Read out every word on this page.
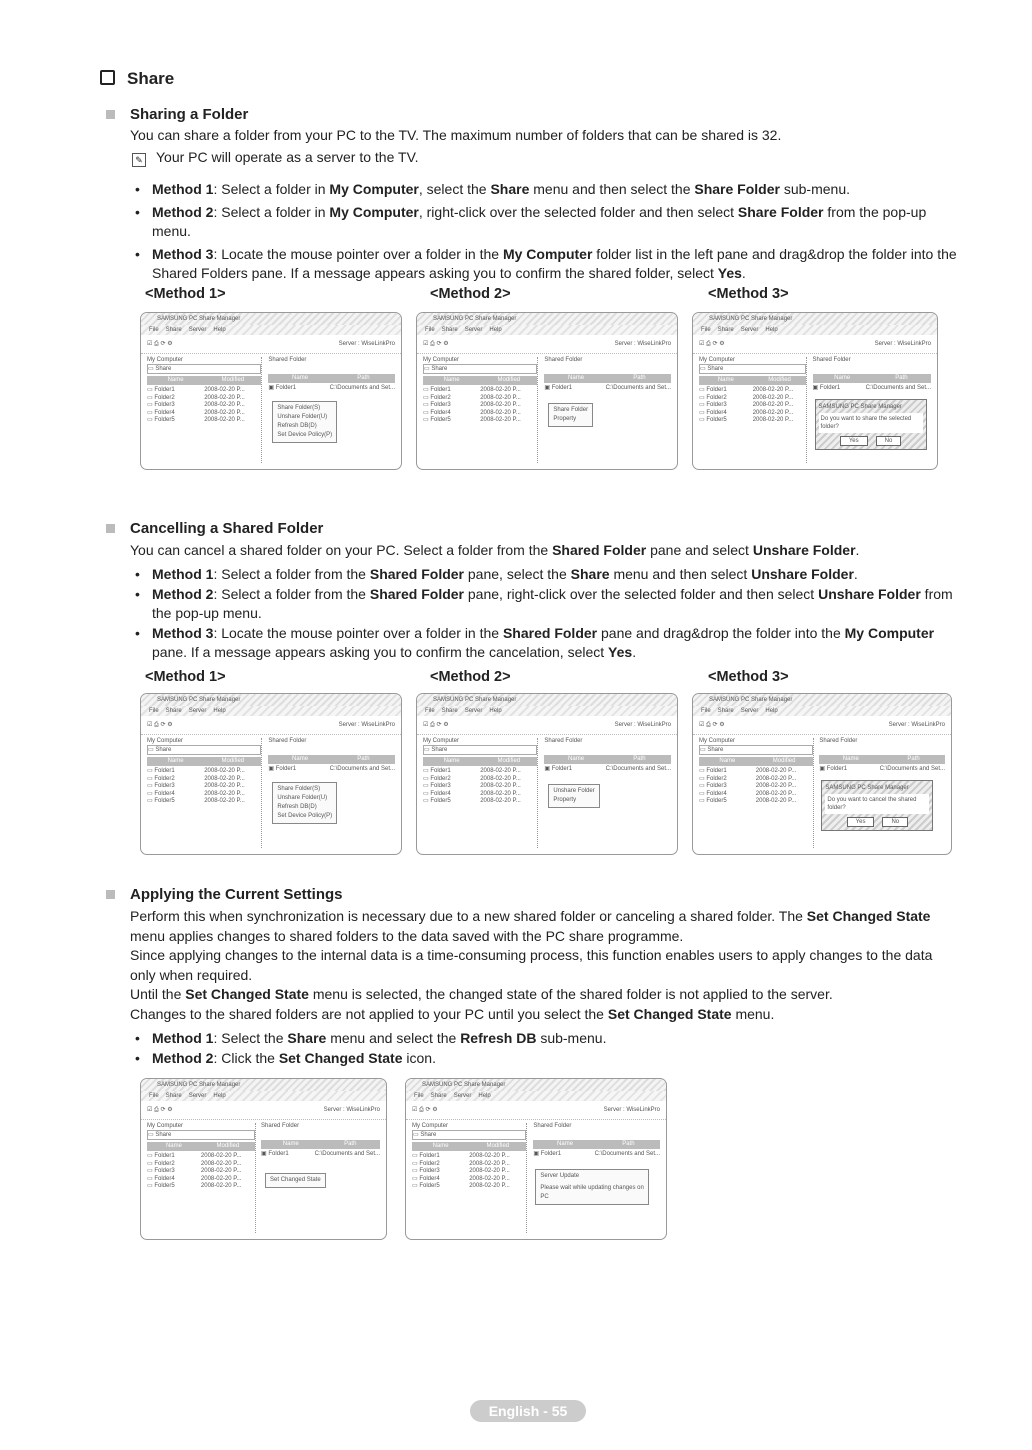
Share
Sharing a Folder
You can share a folder from your PC to the TV. The maximum number of folders that can be shared is 32.
✎ Your PC will operate as a server to the TV.
• Method 1: Select a folder in My Computer, select the Share menu and then select the Share Folder sub-menu.
• Method 2: Select a folder in My Computer, right-click over the selected folder and then select Share Folder from the pop-up menu.
• Method 3: Locate the mouse pointer over a folder in the My Computer folder list in the left pane and drag&drop the folder into the Shared Folders pane. If a message appears asking you to confirm the shared folder, select Yes.
Cancelling a Shared Folder
You can cancel a shared folder on your PC. Select a folder from the Shared Folder pane and select Unshare Folder.
• Method 1: Select a folder from the Shared Folder pane, select the Share menu and then select Unshare Folder.
• Method 2: Select a folder from the Shared Folder pane, right-click over the selected folder and then select Unshare Folder from the pop-up menu.
• Method 3: Locate the mouse pointer over a folder in the Shared Folder pane and drag&drop the folder into the My Computer pane. If a message appears asking you to confirm the cancelation, select Yes.
Applying the Current Settings
Perform this when synchronization is necessary due to a new shared folder or canceling a shared folder. The Set Changed State menu applies changes to shared folders to the data saved with the PC share programme.
Since applying changes to the internal data is a time-consuming process, this function enables users to apply changes to the data only when required.
Until the Set Changed State menu is selected, the changed state of the shared folder is not applied to the server.
Changes to the shared folders are not applied to your PC until you select the Set Changed State menu.
• Method 1: Select the Share menu and select the Refresh DB sub-menu.
• Method 2: Click the Set Changed State icon.
English - 55
<Method 1>	<Method 2>	<Method 3>
<Method 1>	<Method 2>	<Method 3>
SAMSUNG PC Share Manager
File Share Server Help
☑ ⎙ ⟳ ⚙	Server : WiseLinkPro
My Computer
▭ Share
Name	Modified
▭ Folder1	2008-02-20 P...
▭ Folder2	2008-02-20 P...
▭ Folder3	2008-02-20 P...
▭ Folder4	2008-02-20 P...
▭ Folder5	2008-02-20 P...
Shared Folder
Name	Path
▣ Folder1	C:\Documents and Set...
Share Folder(S)
Unshare Folder(U)
Refresh DB(D)
Set Device Policy(P)
SAMSUNG PC Share Manager
File Share Server Help
☑ ⎙ ⟳ ⚙	Server : WiseLinkPro
My Computer
▭ Share
Name	Modified
▭ Folder1	2008-02-20 P...
▭ Folder2	2008-02-20 P...
▭ Folder3	2008-02-20 P...
▭ Folder4	2008-02-20 P...
▭ Folder5	2008-02-20 P...
Shared Folder
Name	Path
▣ Folder1	C:\Documents and Set...
Share Folder
Property
SAMSUNG PC Share Manager
File Share Server Help
☑ ⎙ ⟳ ⚙	Server : WiseLinkPro
My Computer
▭ Share
Name	Modified
▭ Folder1	2008-02-20 P...
▭ Folder2	2008-02-20 P...
▭ Folder3	2008-02-20 P...
▭ Folder4	2008-02-20 P...
▭ Folder5	2008-02-20 P...
Shared Folder
Name	Path
▣ Folder1	C:\Documents and Set...
SAMSUNG PC Share Manager
Do you want to share the selected folder?
Yes	No
SAMSUNG PC Share Manager
File Share Server Help
☑ ⎙ ⟳ ⚙	Server : WiseLinkPro
My Computer
▭ Share
Name	Modified
▭ Folder1	2008-02-20 P...
▭ Folder2	2008-02-20 P...
▭ Folder3	2008-02-20 P...
▭ Folder4	2008-02-20 P...
▭ Folder5	2008-02-20 P...
Shared Folder
Name	Path
▣ Folder1	C:\Documents and Set...
Share Folder(S)
Unshare Folder(U)
Refresh DB(D)
Set Device Policy(P)
SAMSUNG PC Share Manager
File Share Server Help
☑ ⎙ ⟳ ⚙	Server : WiseLinkPro
My Computer
▭ Share
Name	Modified
▭ Folder1	2008-02-20 P...
▭ Folder2	2008-02-20 P...
▭ Folder3	2008-02-20 P...
▭ Folder4	2008-02-20 P...
▭ Folder5	2008-02-20 P...
Shared Folder
Name	Path
▣ Folder1	C:\Documents and Set...
Unshare Folder
Property
SAMSUNG PC Share Manager
File Share Server Help
☑ ⎙ ⟳ ⚙	Server : WiseLinkPro
My Computer
▭ Share
Name	Modified
▭ Folder1	2008-02-20 P...
▭ Folder2	2008-02-20 P...
▭ Folder3	2008-02-20 P...
▭ Folder4	2008-02-20 P...
▭ Folder5	2008-02-20 P...
Shared Folder
Name	Path
▣ Folder1	C:\Documents and Set...
SAMSUNG PC Share Manager
Do you want to cancel the shared folder?
Yes	No
SAMSUNG PC Share Manager
File Share Server Help
☑ ⎙ ⟳ ⚙	Server : WiseLinkPro
My Computer
▭ Share
Name	Modified
▭ Folder1	2008-02-20 P...
▭ Folder2	2008-02-20 P...
▭ Folder3	2008-02-20 P...
▭ Folder4	2008-02-20 P...
▭ Folder5	2008-02-20 P...
Shared Folder
Name	Path
▣ Folder1	C:\Documents and Set...
Set Changed State
SAMSUNG PC Share Manager
File Share Server Help
☑ ⎙ ⟳ ⚙	Server : WiseLinkPro
My Computer
▭ Share
Name	Modified
▭ Folder1	2008-02-20 P...
▭ Folder2	2008-02-20 P...
▭ Folder3	2008-02-20 P...
▭ Folder4	2008-02-20 P...
▭ Folder5	2008-02-20 P...
Shared Folder
Name	Path
▣ Folder1	C:\Documents and Set...
Server Update
Please wait while updating changes on PC
